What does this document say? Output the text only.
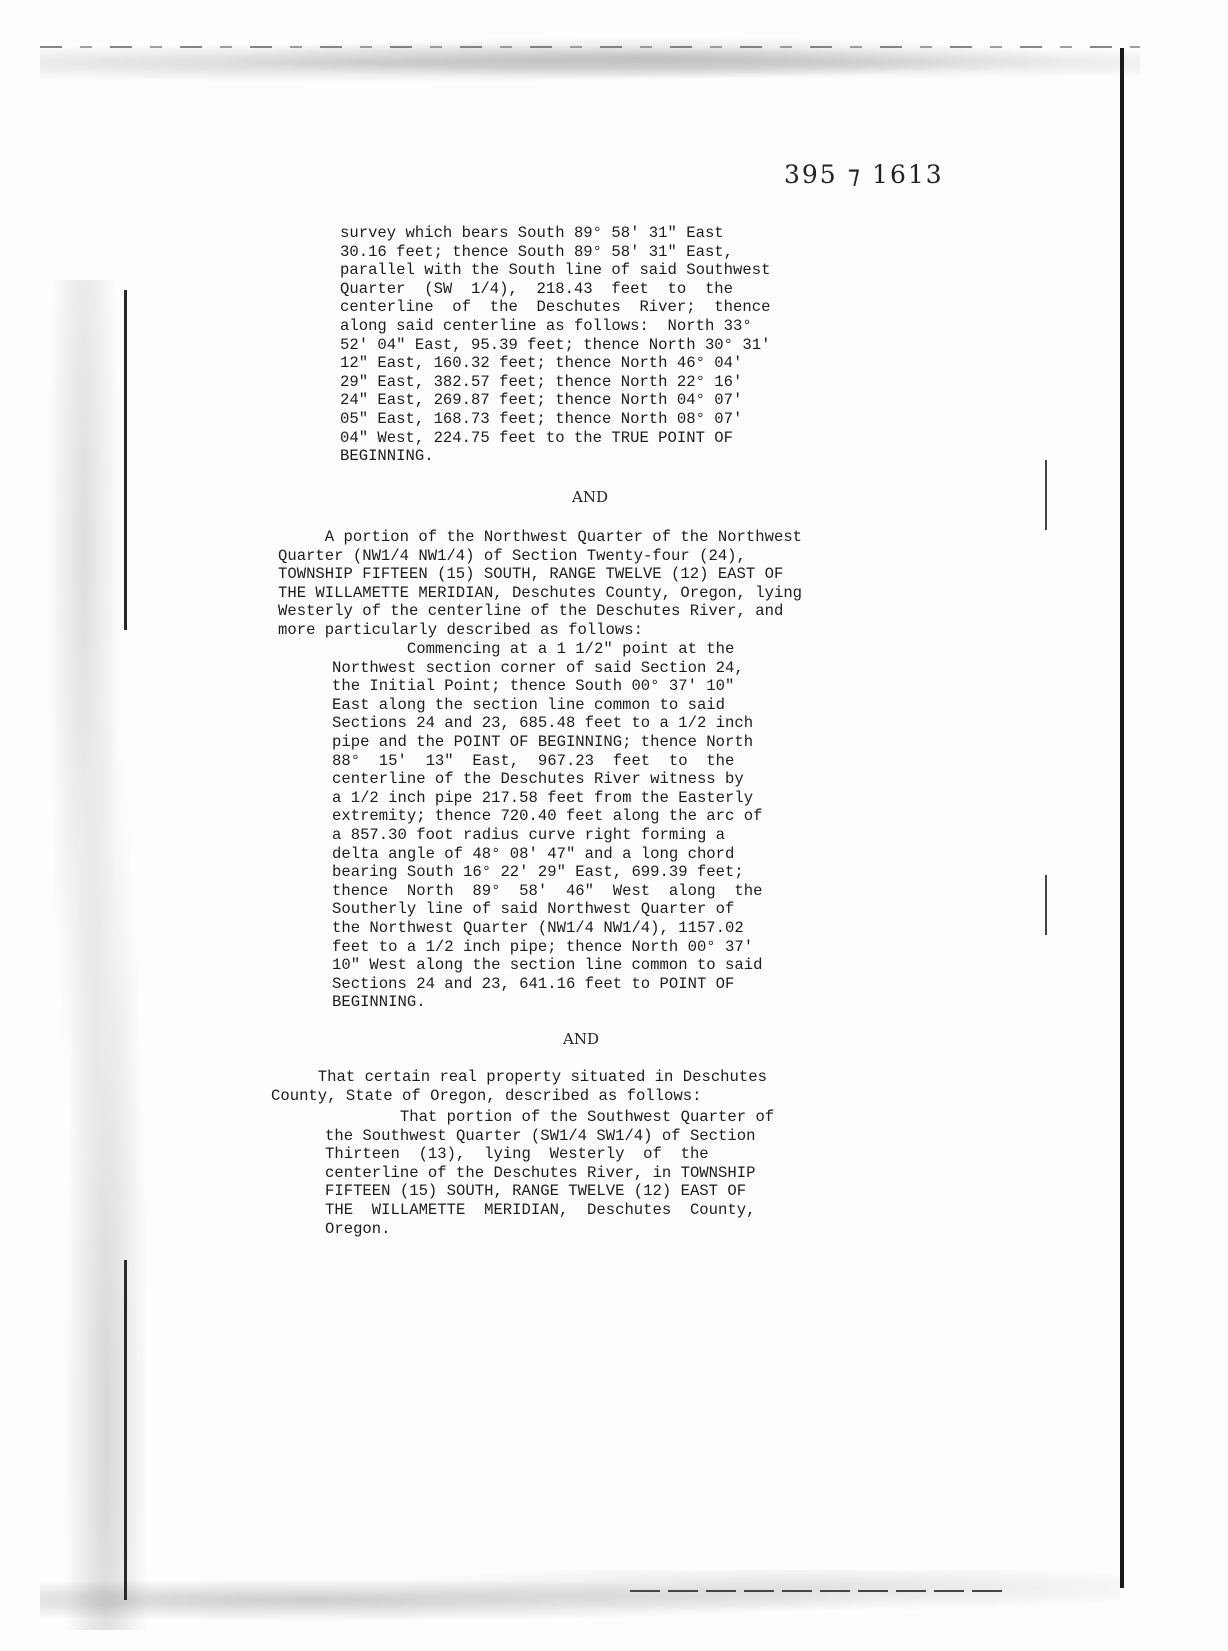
395 ⁊ 1613

survey which bears South 89° 58' 31" East
30.16 feet; thence South 89° 58' 31" East,
parallel with the South line of said Southwest
Quarter  (SW  1/4),  218.43  feet  to  the
centerline  of  the  Deschutes  River;  thence
along said centerline as follows:  North 33°
52' 04" East, 95.39 feet; thence North 30° 31'
12" East, 160.32 feet; thence North 46° 04'
29" East, 382.57 feet; thence North 22° 16'
24" East, 269.87 feet; thence North 04° 07'
05" East, 168.73 feet; thence North 08° 07'
04" West, 224.75 feet to the TRUE POINT OF
BEGINNING.

AND

A portion of the Northwest Quarter of the Northwest
Quarter (NW1/4 NW1/4) of Section Twenty-four (24),
TOWNSHIP FIFTEEN (15) SOUTH, RANGE TWELVE (12) EAST OF
THE WILLAMETTE MERIDIAN, Deschutes County, Oregon, lying
Westerly of the centerline of the Deschutes River, and
more particularly described as follows:

Commencing at a 1 1/2" point at the
Northwest section corner of said Section 24,
the Initial Point; thence South 00° 37' 10"
East along the section line common to said
Sections 24 and 23, 685.48 feet to a 1/2 inch
pipe and the POINT OF BEGINNING; thence North
88°  15'  13"  East,  967.23  feet  to  the
centerline of the Deschutes River witness by
a 1/2 inch pipe 217.58 feet from the Easterly
extremity; thence 720.40 feet along the arc of
a 857.30 foot radius curve right forming a
delta angle of 48° 08' 47" and a long chord
bearing South 16° 22' 29" East, 699.39 feet;
thence  North  89°  58'  46"  West  along  the
Southerly line of said Northwest Quarter of
the Northwest Quarter (NW1/4 NW1/4), 1157.02
feet to a 1/2 inch pipe; thence North 00° 37'
10" West along the section line common to said
Sections 24 and 23, 641.16 feet to POINT OF
BEGINNING.

AND

That certain real property situated in Deschutes
County, State of Oregon, described as follows:

That portion of the Southwest Quarter of
the Southwest Quarter (SW1/4 SW1/4) of Section
Thirteen  (13),  lying  Westerly  of  the
centerline of the Deschutes River, in TOWNSHIP
FIFTEEN (15) SOUTH, RANGE TWELVE (12) EAST OF
THE  WILLAMETTE  MERIDIAN,  Deschutes  County,
Oregon.
